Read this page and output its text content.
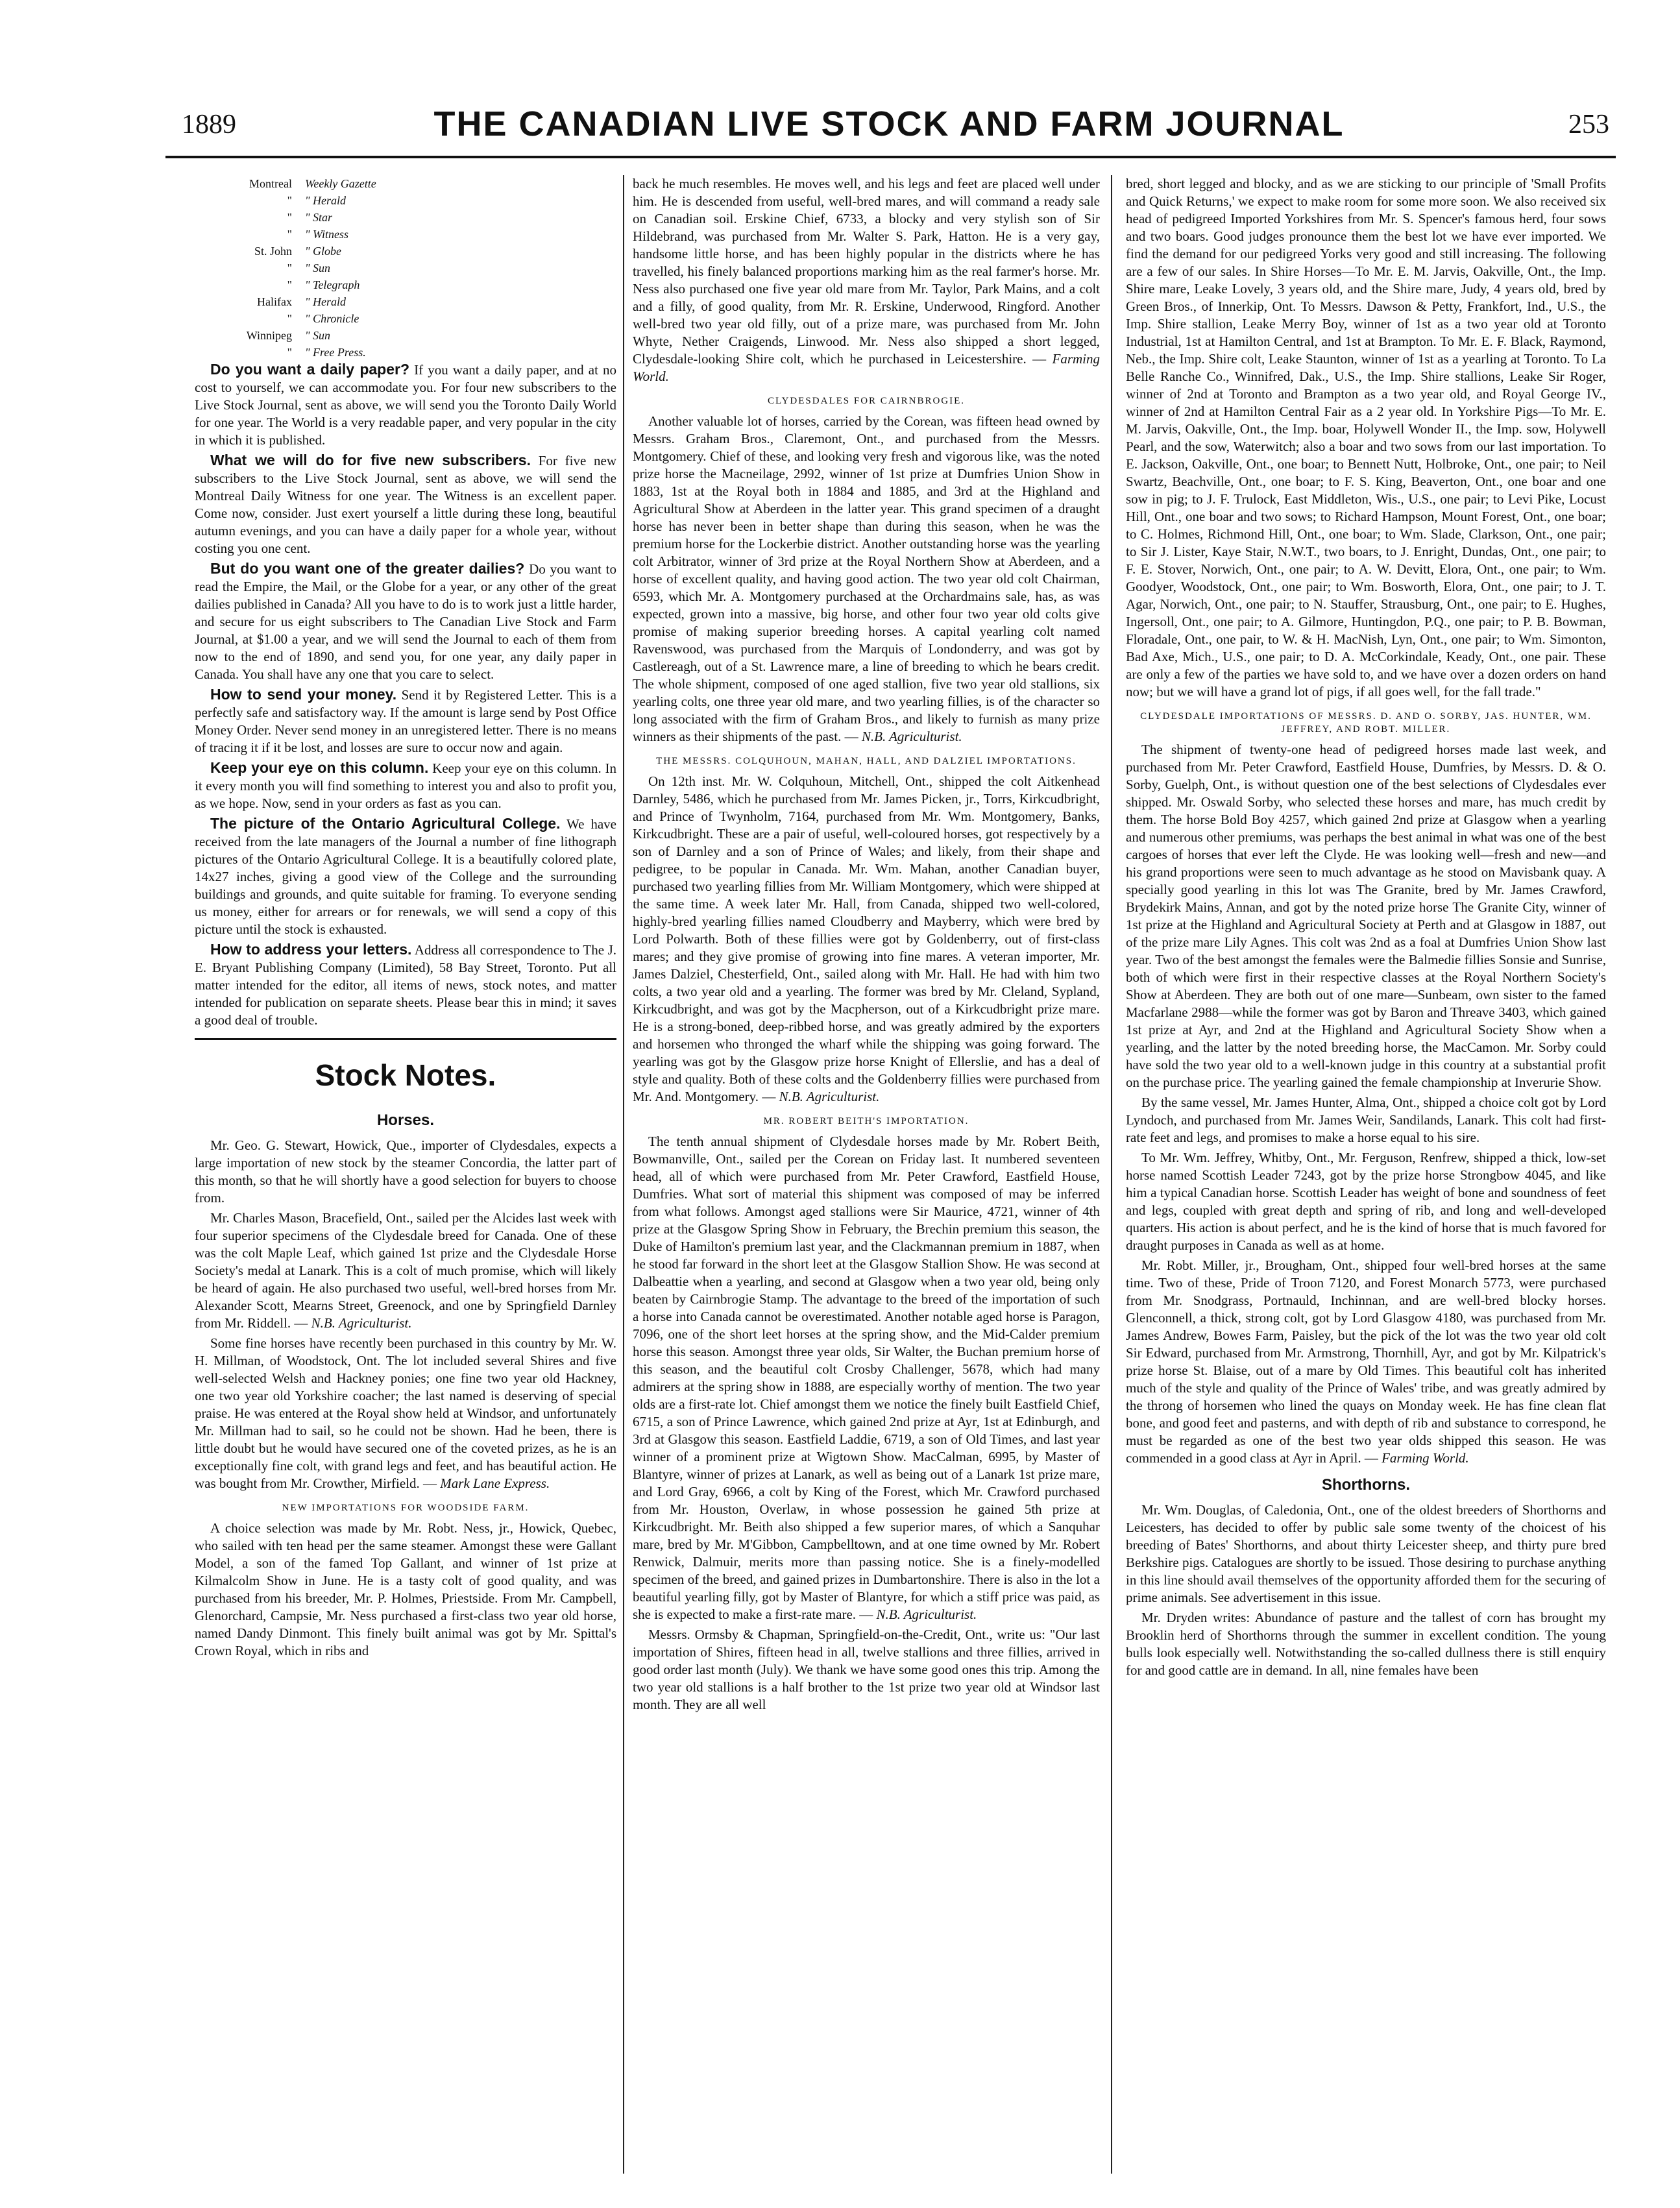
1889	THE CANADIAN LIVE STOCK AND FARM JOURNAL	253
Montreal	Weekly Gazette
"	" Herald
"	" Star
"	" Witness
St. John	" Globe
"	" Sun
"	" Telegraph
Halifax	" Herald
"	" Chronicle
Winnipeg	" Sun
"	" Free Press.

Do you want a daily paper? If you want a daily paper, and at no cost to yourself, we can accommodate you. For four new subscribers to the Live Stock Journal, sent as above, we will send you the Toronto Daily World for one year. The World is a very readable paper, and very popular in the city in which it is published.

What we will do for five new subscribers. For five new subscribers to the Live Stock Journal, sent as above, we will send the Montreal Daily Witness for one year. The Witness is an excellent paper. Come now, consider. Just exert yourself a little during these long, beautiful autumn evenings, and you can have a daily paper for a whole year, without costing you one cent.

But do you want one of the greater dailies? Do you want to read the Empire, the Mail, or the Globe for a year, or any other of the great dailies published in Canada? All you have to do is to work just a little harder, and secure for us eight subscribers to The Canadian Live Stock and Farm Journal, at $1.00 a year, and we will send the Journal to each of them from now to the end of 1890, and send you, for one year, any daily paper in Canada. You shall have any one that you care to select.

How to send your money. Send it by Registered Letter. This is a perfectly safe and satisfactory way. If the amount is large send by Post Office Money Order. Never send money in an unregistered letter. There is no means of tracing it if it be lost, and losses are sure to occur now and again.

Keep your eye on this column. Keep your eye on this column. In it every month you will find something to interest you and also to profit you, as we hope. Now, send in your orders as fast as you can.

The picture of the Ontario Agricultural College. We have received from the late managers of the Journal a number of fine lithograph pictures of the Ontario Agricultural College. It is a beautifully colored plate, 14x27 inches, giving a good view of the College and the surrounding buildings and grounds, and quite suitable for framing. To everyone sending us money, either for arrears or for renewals, we will send a copy of this picture until the stock is exhausted.

How to address your letters. Address all correspondence to The J. E. Bryant Publishing Company (Limited), 58 Bay Street, Toronto. Put all matter intended for the editor, all items of news, stock notes, and matter intended for publication on separate sheets. Please bear this in mind; it saves a good deal of trouble.

Stock Notes.
Horses.

Mr. Geo. G. Stewart, Howick, Que., importer of Clydesdales, expects a large importation of new stock by the steamer Concordia, the latter part of this month, so that he will shortly have a good selection for buyers to choose from.

Mr. Charles Mason, Bracefield, Ont., sailed per the Alcides last week with four superior specimens of the Clydesdale breed for Canada. One of these was the colt Maple Leaf, which gained 1st prize and the Clydesdale Horse Society's medal at Lanark. This is a colt of much promise, which will likely be heard of again. He also purchased two useful, well-bred horses from Mr. Alexander Scott, Mearns Street, Greenock, and one by Springfield Darnley from Mr. Riddell. — N.B. Agriculturist.

Some fine horses have recently been purchased in this country by Mr. W. H. Millman, of Woodstock, Ont. The lot included several Shires and five well-selected Welsh and Hackney ponies; one fine two year old Hackney, one two year old Yorkshire coacher; the last named is deserving of special praise. He was entered at the Royal show held at Windsor, and unfortunately Mr. Millman had to sail, so he could not be shown. Had he been, there is little doubt but he would have secured one of the coveted prizes, as he is an exceptionally fine colt, with grand legs and feet, and has beautiful action. He was bought from Mr. Crowther, Mirfield. — Mark Lane Express.

NEW IMPORTATIONS FOR WOODSIDE FARM.

A choice selection was made by Mr. Robt. Ness, jr., Howick, Quebec, who sailed with ten head per the same steamer. Amongst these were Gallant Model, a son of the famed Top Gallant, and winner of 1st prize at Kilmalcolm Show in June. He is a tasty colt of good quality, and was purchased from his breeder, Mr. P. Holmes, Priestside. From Mr. Campbell, Glenorchard, Campsie, Mr. Ness purchased a first-class two year old horse, named Dandy Dinmont. This finely built animal was got by Mr. Spittal's Crown Royal, which in ribs and

back he much resembles. He moves well, and his legs and feet are placed well under him. He is descended from useful, well-bred mares, and will command a ready sale on Canadian soil. Erskine Chief, 6733, a blocky and very stylish son of Sir Hildebrand, was purchased from Mr. Walter S. Park, Hatton. He is a very gay, handsome little horse, and has been highly popular in the districts where he has travelled, his finely balanced proportions marking him as the real farmer's horse. Mr. Ness also purchased one five year old mare from Mr. Taylor, Park Mains, and a colt and a filly, of good quality, from Mr. R. Erskine, Underwood, Ringford. Another well-bred two year old filly, out of a prize mare, was purchased from Mr. John Whyte, Nether Craigends, Linwood. Mr. Ness also shipped a short legged, Clydesdale-looking Shire colt, which he purchased in Leicestershire. — Farming World.

CLYDESDALES FOR CAIRNBROGIE.

Another valuable lot of horses, carried by the Corean, was fifteen head owned by Messrs. Graham Bros., Claremont, Ont., and purchased from the Messrs. Montgomery. Chief of these, and looking very fresh and vigorous like, was the noted prize horse the Macneilage, 2992, winner of 1st prize at Dumfries Union Show in 1883, 1st at the Royal both in 1884 and 1885, and 3rd at the Highland and Agricultural Show at Aberdeen in the latter year. This grand specimen of a draught horse has never been in better shape than during this season, when he was the premium horse for the Lockerbie district. Another outstanding horse was the yearling colt Arbitrator, winner of 3rd prize at the Royal Northern Show at Aberdeen, and a horse of excellent quality, and having good action. The two year old colt Chairman, 6593, which Mr. A. Montgomery purchased at the Orchardmains sale, has, as was expected, grown into a massive, big horse, and other four two year old colts give promise of making superior breeding horses. A capital yearling colt named Ravenswood, was purchased from the Marquis of Londonderry, and was got by Castlereagh, out of a St. Lawrence mare, a line of breeding to which he bears credit. The whole shipment, composed of one aged stallion, five two year old stallions, six yearling colts, one three year old mare, and two yearling fillies, is of the character so long associated with the firm of Graham Bros., and likely to furnish as many prize winners as their shipments of the past. — N.B. Agriculturist.

THE MESSRS. COLQUHOUN, MAHAN, HALL, AND DALZIEL IMPORTATIONS.

On 12th inst. Mr. W. Colquhoun, Mitchell, Ont., shipped the colt Aitkenhead Darnley, 5486, which he purchased from Mr. James Picken, jr., Torrs, Kirkcudbright, and Prince of Twynholm, 7164, purchased from Mr. Wm. Montgomery, Banks, Kirkcudbright. These are a pair of useful, well-coloured horses, got respectively by a son of Darnley and a son of Prince of Wales; and likely, from their shape and pedigree, to be popular in Canada. Mr. Wm. Mahan, another Canadian buyer, purchased two yearling fillies from Mr. William Montgomery, which were shipped at the same time. A week later Mr. Hall, from Canada, shipped two well-colored, highly-bred yearling fillies named Cloudberry and Mayberry, which were bred by Lord Polwarth. Both of these fillies were got by Goldenberry, out of first-class mares; and they give promise of growing into fine mares. A veteran importer, Mr. James Dalziel, Chesterfield, Ont., sailed along with Mr. Hall. He had with him two colts, a two year old and a yearling. The former was bred by Mr. Cleland, Sypland, Kirkcudbright, and was got by the Macpherson, out of a Kirkcudbright prize mare. He is a strong-boned, deep-ribbed horse, and was greatly admired by the exporters and horsemen who thronged the wharf while the shipping was going forward. The yearling was got by the Glasgow prize horse Knight of Ellerslie, and has a deal of style and quality. Both of these colts and the Goldenberry fillies were purchased from Mr. And. Montgomery. — N.B. Agriculturist.

MR. ROBERT BEITH'S IMPORTATION.

The tenth annual shipment of Clydesdale horses made by Mr. Robert Beith, Bowmanville, Ont., sailed per the Corean on Friday last. It numbered seventeen head, all of which were purchased from Mr. Peter Crawford, Eastfield House, Dumfries. What sort of material this shipment was composed of may be inferred from what follows. Amongst aged stallions were Sir Maurice, 4721, winner of 4th prize at the Glasgow Spring Show in February, the Brechin premium this season, the Duke of Hamilton's premium last year, and the Clackmannan premium in 1887, when he stood far forward in the short leet at the Glasgow Stallion Show. He was second at Dalbeattie when a yearling, and second at Glasgow when a two year old, being only beaten by Cairnbrogie Stamp. The advantage to the breed of the importation of such a horse into Canada cannot be overestimated. Another notable aged horse is Paragon, 7096, one of the short leet horses at the spring show, and the Mid-Calder premium horse this season. Amongst three year olds, Sir Walter, the Buchan premium horse of this season, and the beautiful colt Crosby Challenger, 5678, which had many admirers at the spring show in 1888, are especially worthy of mention. The two year olds are a first-rate lot. Chief amongst them we notice the finely built Eastfield Chief, 6715, a son of Prince Lawrence, which gained 2nd prize at Ayr, 1st at Edinburgh, and 3rd at Glasgow this season. Eastfield Laddie, 6719, a son of Old Times, and last year winner of a prominent prize at Wigtown Show. MacCalman, 6995, by Master of Blantyre, winner of prizes at Lanark, as well as being out of a Lanark 1st prize mare, and Lord Gray, 6966, a colt by King of the Forest, which Mr. Crawford purchased from Mr. Houston, Overlaw, in whose possession he gained 5th prize at Kirkcudbright. Mr. Beith also shipped a few superior mares, of which a Sanquhar mare, bred by Mr. M'Gibbon, Campbelltown, and at one time owned by Mr. Robert Renwick, Dalmuir, merits more than passing notice. She is a finely-modelled specimen of the breed, and gained prizes in Dumbartonshire. There is also in the lot a beautiful yearling filly, got by Master of Blantyre, for which a stiff price was paid, as she is expected to make a first-rate mare. — N.B. Agriculturist.

Messrs. Ormsby & Chapman, Springfield-on-the-Credit, Ont., write us: "Our last importation of Shires, fifteen head in all, twelve stallions and three fillies, arrived in good order last month (July). We thank we have some good ones this trip. Among the two year old stallions is a half brother to the 1st prize two year old at Windsor last month. They are all well

bred, short legged and blocky, and as we are sticking to our principle of 'Small Profits and Quick Returns,' we expect to make room for some more soon. We also received six head of pedigreed Imported Yorkshires from Mr. S. Spencer's famous herd, four sows and two boars. Good judges pronounce them the best lot we have ever imported. We find the demand for our pedigreed Yorks very good and still increasing. The following are a few of our sales. In Shire Horses—To Mr. E. M. Jarvis, Oakville, Ont., the Imp. Shire mare, Leake Lovely, 3 years old, and the Shire mare, Judy, 4 years old, bred by Green Bros., of Innerkip, Ont. To Messrs. Dawson & Petty, Frankfort, Ind., U.S., the Imp. Shire stallion, Leake Merry Boy, winner of 1st as a two year old at Toronto Industrial, 1st at Hamilton Central, and 1st at Brampton. To Mr. E. F. Black, Raymond, Neb., the Imp. Shire colt, Leake Staunton, winner of 1st as a yearling at Toronto. To La Belle Ranche Co., Winnifred, Dak., U.S., the Imp. Shire stallions, Leake Sir Roger, winner of 2nd at Toronto and Brampton as a two year old, and Royal George IV., winner of 2nd at Hamilton Central Fair as a 2 year old. In Yorkshire Pigs—To Mr. E. M. Jarvis, Oakville, Ont., the Imp. boar, Holywell Wonder II., the Imp. sow, Holywell Pearl, and the sow, Waterwitch; also a boar and two sows from our last importation. To E. Jackson, Oakville, Ont., one boar; to Bennett Nutt, Holbroke, Ont., one pair; to Neil Swartz, Beachville, Ont., one boar; to F. S. King, Beaverton, Ont., one boar and one sow in pig; to J. F. Trulock, East Middleton, Wis., U.S., one pair; to Levi Pike, Locust Hill, Ont., one boar and two sows; to Richard Hampson, Mount Forest, Ont., one boar; to C. Holmes, Richmond Hill, Ont., one boar; to Wm. Slade, Clarkson, Ont., one pair; to Sir J. Lister, Kaye Stair, N.W.T., two boars, to J. Enright, Dundas, Ont., one pair; to F. E. Stover, Norwich, Ont., one pair; to A. W. Devitt, Elora, Ont., one pair; to Wm. Goodyer, Woodstock, Ont., one pair; to Wm. Bosworth, Elora, Ont., one pair; to J. T. Agar, Norwich, Ont., one pair; to N. Stauffer, Strausburg, Ont., one pair; to E. Hughes, Ingersoll, Ont., one pair; to A. Gilmore, Huntingdon, P.Q., one pair; to P. B. Bowman, Floradale, Ont., one pair, to W. & H. MacNish, Lyn, Ont., one pair; to Wm. Simonton, Bad Axe, Mich., U.S., one pair; to D. A. McCorkindale, Keady, Ont., one pair. These are only a few of the parties we have sold to, and we have over a dozen orders on hand now; but we will have a grand lot of pigs, if all goes well, for the fall trade."

CLYDESDALE IMPORTATIONS OF MESSRS. D. AND O. SORBY, JAS. HUNTER, WM. JEFFREY, AND ROBT. MILLER.

The shipment of twenty-one head of pedigreed horses made last week, and purchased from Mr. Peter Crawford, Eastfield House, Dumfries, by Messrs. D. & O. Sorby, Guelph, Ont., is without question one of the best selections of Clydesdales ever shipped. Mr. Oswald Sorby, who selected these horses and mare, has much credit by them. The horse Bold Boy 4257, which gained 2nd prize at Glasgow when a yearling and numerous other premiums, was perhaps the best animal in what was one of the best cargoes of horses that ever left the Clyde. He was looking well—fresh and new—and his grand proportions were seen to much advantage as he stood on Mavisbank quay. A specially good yearling in this lot was The Granite, bred by Mr. James Crawford, Brydekirk Mains, Annan, and got by the noted prize horse The Granite City, winner of 1st prize at the Highland and Agricultural Society at Perth and at Glasgow in 1887, out of the prize mare Lily Agnes. This colt was 2nd as a foal at Dumfries Union Show last year. Two of the best amongst the females were the Balmedie fillies Sonsie and Sunrise, both of which were first in their respective classes at the Royal Northern Society's Show at Aberdeen. They are both out of one mare—Sunbeam, own sister to the famed Macfarlane 2988—while the former was got by Baron and Threave 3403, which gained 1st prize at Ayr, and 2nd at the Highland and Agricultural Society Show when a yearling, and the latter by the noted breeding horse, the MacCamon. Mr. Sorby could have sold the two year old to a well-known judge in this country at a substantial profit on the purchase price. The yearling gained the female championship at Inverurie Show.

By the same vessel, Mr. James Hunter, Alma, Ont., shipped a choice colt got by Lord Lyndoch, and purchased from Mr. James Weir, Sandilands, Lanark. This colt had first-rate feet and legs, and promises to make a horse equal to his sire.

To Mr. Wm. Jeffrey, Whitby, Ont., Mr. Ferguson, Renfrew, shipped a thick, low-set horse named Scottish Leader 7243, got by the prize horse Strongbow 4045, and like him a typical Canadian horse. Scottish Leader has weight of bone and soundness of feet and legs, coupled with great depth and spring of rib, and long and well-developed quarters. His action is about perfect, and he is the kind of horse that is much favored for draught purposes in Canada as well as at home.

Mr. Robt. Miller, jr., Brougham, Ont., shipped four well-bred horses at the same time. Two of these, Pride of Troon 7120, and Forest Monarch 5773, were purchased from Mr. Snodgrass, Portnauld, Inchinnan, and are well-bred blocky horses. Glenconnell, a thick, strong colt, got by Lord Glasgow 4180, was purchased from Mr. James Andrew, Bowes Farm, Paisley, but the pick of the lot was the two year old colt Sir Edward, purchased from Mr. Armstrong, Thornhill, Ayr, and got by Mr. Kilpatrick's prize horse St. Blaise, out of a mare by Old Times. This beautiful colt has inherited much of the style and quality of the Prince of Wales' tribe, and was greatly admired by the throng of horsemen who lined the quays on Monday week. He has fine clean flat bone, and good feet and pasterns, and with depth of rib and substance to correspond, he must be regarded as one of the best two year olds shipped this season. He was commended in a good class at Ayr in April. — Farming World.

Shorthorns.

Mr. Wm. Douglas, of Caledonia, Ont., one of the oldest breeders of Shorthorns and Leicesters, has decided to offer by public sale some twenty of the choicest of his breeding of Bates' Shorthorns, and about thirty Leicester sheep, and thirty pure bred Berkshire pigs. Catalogues are shortly to be issued. Those desiring to purchase anything in this line should avail themselves of the opportunity afforded them for the securing of prime animals. See advertisement in this issue.

Mr. Dryden writes: Abundance of pasture and the tallest of corn has brought my Brooklin herd of Shorthorns through the summer in excellent condition. The young bulls look especially well. Notwithstanding the so-called dullness there is still enquiry for and good cattle are in demand. In all, nine females have been
